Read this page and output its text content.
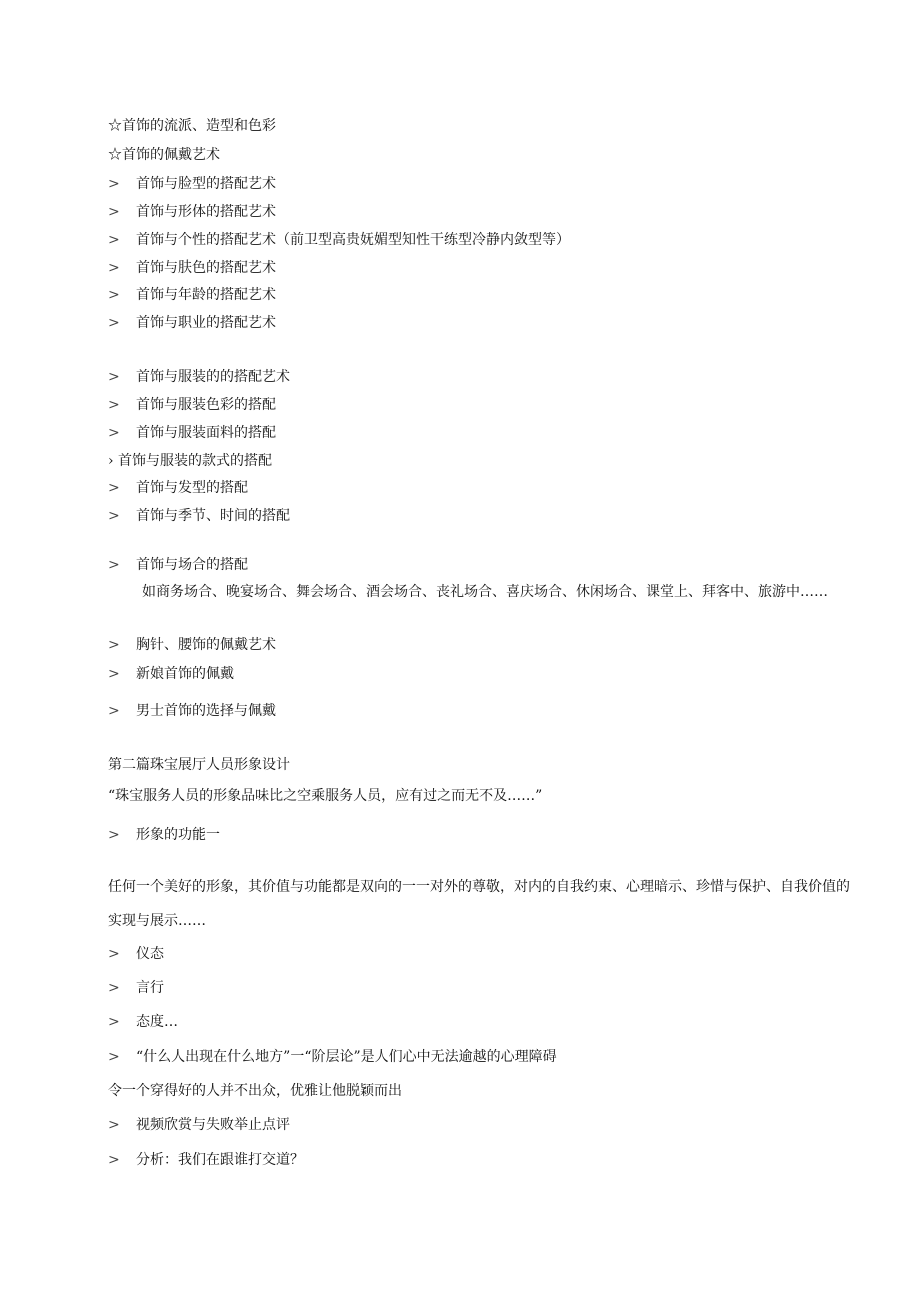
☆首饰的流派、造型和色彩
☆首饰的佩戴艺术
> 首饰与脸型的搭配艺术
> 首饰与形体的搭配艺术
> 首饰与个性的搭配艺术（前卫型高贵妩媚型知性干练型冷静内敛型等）
> 首饰与肤色的搭配艺术
> 首饰与年龄的搭配艺术
> 首饰与职业的搭配艺术
> 首饰与服装的的搭配艺术
> 首饰与服装色彩的搭配
> 首饰与服装面料的搭配
› 首饰与服装的款式的搭配
> 首饰与发型的搭配
> 首饰与季节、时间的搭配
> 首饰与场合的搭配
如商务场合、晚宴场合、舞会场合、酒会场合、丧礼场合、喜庆场合、休闲场合、课堂上、拜客中、旅游中……
> 胸针、腰饰的佩戴艺术
> 新娘首饰的佩戴
> 男士首饰的选择与佩戴
第二篇珠宝展厅人员形象设计
“珠宝服务人员的形象品味比之空乘服务人员，应有过之而无不及……”
> 形象的功能一
任何一个美好的形象，其价值与功能都是双向的一一对外的尊敬，对内的自我约束、心理暗示、珍惜与保护、自我价值的实现与展示……
> 仪态
> 言行
> 态度…
> “什么人出现在什么地方”一“阶层论”是人们心中无法逾越的心理障碍
令一个穿得好的人并不出众，优雅让他脱颖而出
> 视频欣赏与失败举止点评
> 分析：我们在跟谁打交道？
